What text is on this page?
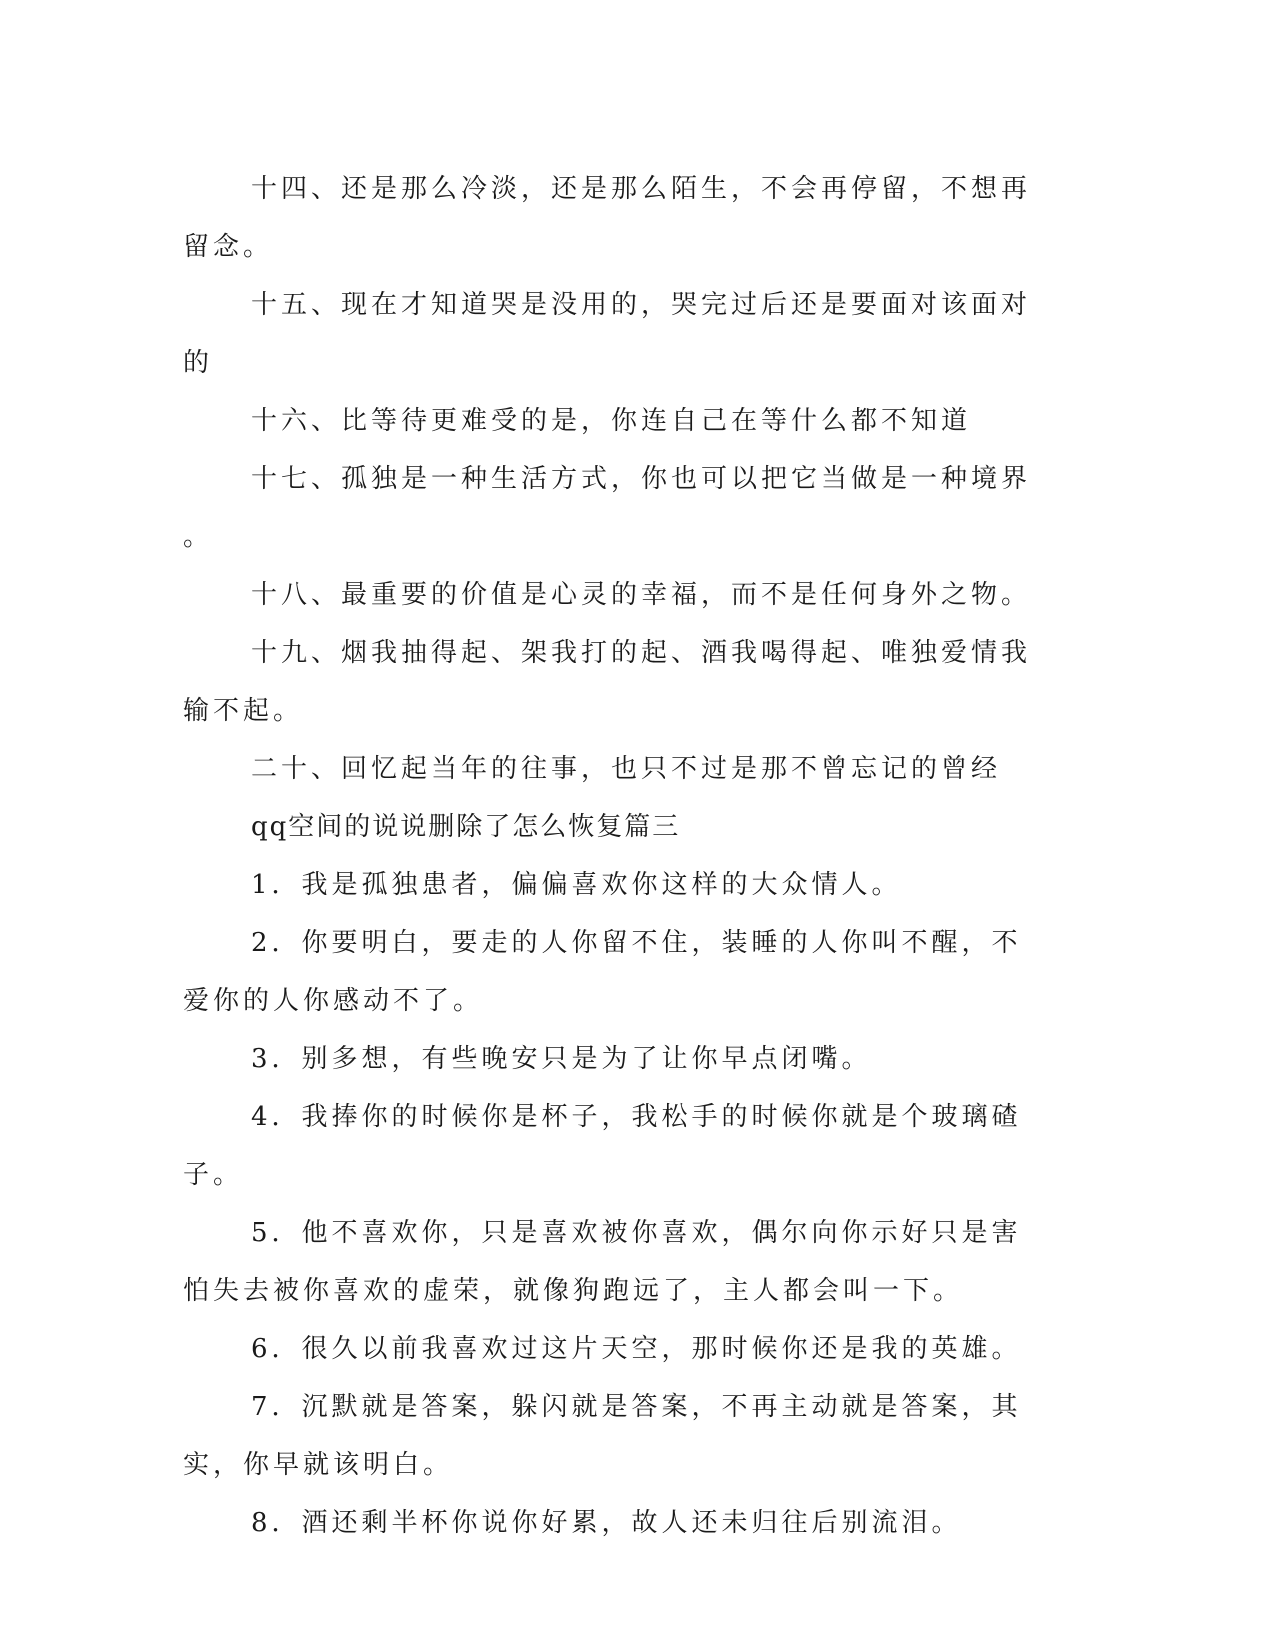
十四、还是那么冷淡，还是那么陌生，不会再停留，不想再留念。

十五、现在才知道哭是没用的，哭完过后还是要面对该面对的

十六、比等待更难受的是，你连自己在等什么都不知道

十七、孤独是一种生活方式，你也可以把它当做是一种境界。

十八、最重要的价值是心灵的幸福，而不是任何身外之物。

十九、烟我抽得起、架我打的起、酒我喝得起、唯独爱情我输不起。

二十、回忆起当年的往事，也只不过是那不曾忘记的曾经

qq空间的说说删除了怎么恢复篇三

1．我是孤独患者，偏偏喜欢你这样的大众情人。

2．你要明白，要走的人你留不住，装睡的人你叫不醒，不爱你的人你感动不了。

3．别多想，有些晚安只是为了让你早点闭嘴。

4．我捧你的时候你是杯子，我松手的时候你就是个玻璃碴子。

5．他不喜欢你，只是喜欢被你喜欢，偶尔向你示好只是害怕失去被你喜欢的虚荣，就像狗跑远了，主人都会叫一下。

6．很久以前我喜欢过这片天空，那时候你还是我的英雄。

7．沉默就是答案，躲闪就是答案，不再主动就是答案，其实，你早就该明白。

8．酒还剩半杯你说你好累，故人还未归往后别流泪。
